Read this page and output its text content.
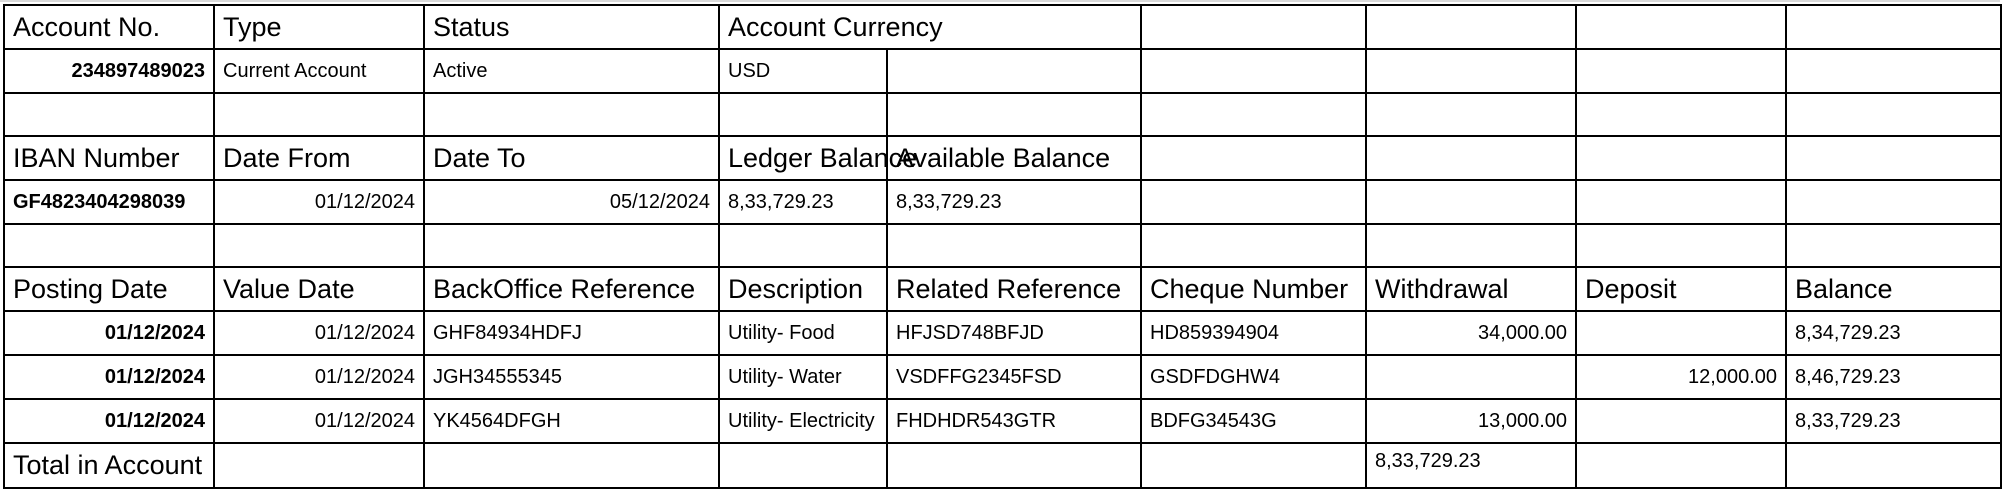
Account No.	Type	Status	Account Currency					
234897489023	Current Account	Active	USD					

IBAN Number	Date From	Date To	Ledger Balance	Available Balance				
GF4823404298039	01/12/2024	05/12/2024	8,33,729.23	8,33,729.23				

Posting Date	Value Date	BackOffice Reference	Description	Related Reference	Cheque Number	Withdrawal	Deposit	Balance
01/12/2024	01/12/2024	GHF84934HDFJ	Utility- Food	HFJSD748BFJD	HD859394904	34,000.00		8,34,729.23
01/12/2024	01/12/2024	JGH34555345	Utility- Water	VSDFFG2345FSD	GSDFDGHW4		12,000.00	8,46,729.23
01/12/2024	01/12/2024	YK4564DFGH	Utility- Electricity	FHDHDR543GTR	BDFG34543G	13,000.00		8,33,729.23
Total in Account						8,33,729.23		
